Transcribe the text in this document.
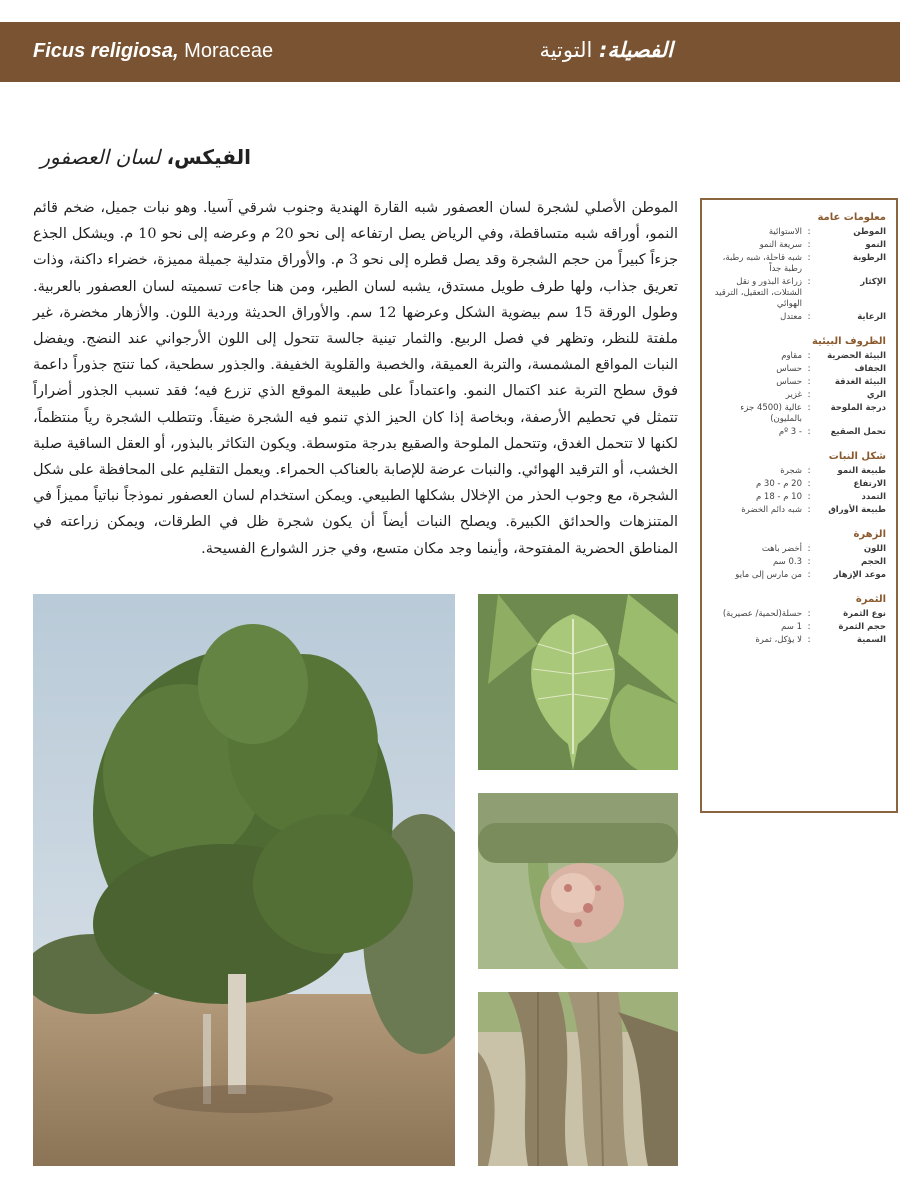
Ficus religiosa, Moraceae	الفصيلة: التوتية
الفيكس، لسان العصفور
الموطن الأصلي لشجرة لسان العصفور شبه القارة الهندية وجنوب شرقي آسيا. وهو نبات جميل، ضخم قائم النمو، أوراقه شبه متساقطة، وفي الرياض يصل ارتفاعه إلى نحو 20 م وعرضه إلى نحو 10 م. ويشكل الجذع جزءاً كبيراً من حجم الشجرة وقد يصل قطره إلى نحو 3 م. والأوراق متدلية جميلة مميزة، خضراء داكنة، وذات تعريق جذاب، ولها طرف طويل مستدق، يشبه لسان الطير، ومن هنا جاءت تسميته لسان العصفور بالعربية. وطول الورقة 15 سم بيضوية الشكل وعرضها 12 سم. والأوراق الحديثة وردية اللون. والأزهار مخضرة، غير ملفتة للنظر، وتظهر في فصل الربيع. والثمار تينية جالسة تتحول إلى اللون الأرجواني عند النضج. ويفضل النبات المواقع المشمسة، والتربة العميقة، والخصبة والقلوية الخفيفة. والجذور سطحية، كما تنتج جذوراً داعمة فوق سطح التربة عند اكتمال النمو. واعتماداً على طبيعة الموقع الذي تزرع فيه؛ فقد تسبب الجذور أضراراً تتمثل في تحطيم الأرصفة، وبخاصة إذا كان الحيز الذي تنمو فيه الشجرة ضيقاً. وتتطلب الشجرة رياً منتظماً، لكنها لا تتحمل الغدق، وتتحمل الملوحة والصقيع بدرجة متوسطة. ويكون التكاثر بالبذور، أو العقل الساقية صلبة الخشب، أو الترقيد الهوائي. والنبات عرضة للإصابة بالعناكب الحمراء. ويعمل التقليم على المحافظة على شكل الشجرة، مع وجوب الحذر من الإخلال بشكلها الطبيعي. ويمكن استخدام لسان العصفور نموذجاً نباتياً مميزاً في المتنزهات والحدائق الكبيرة. ويصلح النبات أيضاً أن يكون شجرة ظل في الطرقات، ويمكن زراعته في المناطق الحضرية المفتوحة، وأينما وجد مكان متسع، وفي جزر الشوارع الفسيحة.
معلومات عامة
الموطن
:
الاستوائية
النمو
:
سريعة النمو
الرطوبة
:
شبه قاحلة، شبه رطبة، رطبة جداً
الإكثار
:
زراعة البذور و نقل الشتلات، التعقيل، الترقيد الهوائي
الرعاية
:
معتدل
الظروف البيئية
البيئة الحضرية
:
مقاوم
الجفاف
:
حساس
البيئة الغدقة
:
حساس
الري
:
غزير
درجة الملوحة
:
عالية (4500 جزء بالمليون)
تحمل الصقيع
:
- 3 ºم
شكل النبات
طبيعة النمو
:
شجرة
الارتفاع
:
20 م - 30 م
التمدد
:
10 م - 18 م
طبيعة الأوراق
:
شبه دائم الخضرة
الزهرة
اللون
:
أخضر باهت
الحجم
:
0.3 سم
موعد الإزهار
:
من مارس إلى مايو
الثمرة
نوع الثمرة
:
حسلة(لحمية/ عصيرية)
حجم الثمرة
:
1 سم
السمية
:
لا يؤكل، ثمرة
